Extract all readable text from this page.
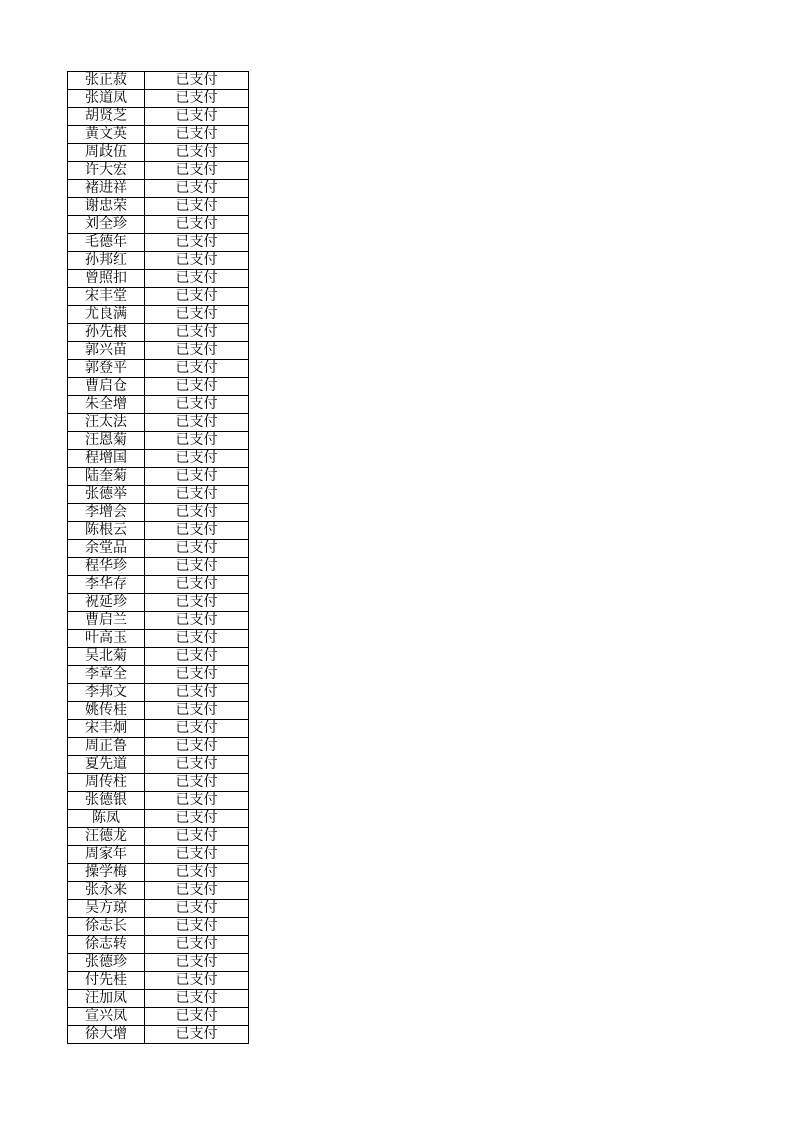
张正菽	已支付
张道凤	已支付
胡贤芝	已支付
黄文英	已支付
周歧伍	已支付
许大宏	已支付
褚进祥	已支付
谢忠荣	已支付
刘全珍	已支付
毛德年	已支付
孙邦红	已支付
曾照扣	已支付
宋丰堂	已支付
尤良满	已支付
孙先根	已支付
郭兴苗	已支付
郭登平	已支付
曹启仓	已支付
朱全增	已支付
汪太法	已支付
汪恩菊	已支付
程增国	已支付
陆奎菊	已支付
张德举	已支付
李增会	已支付
陈根云	已支付
余堂品	已支付
程华珍	已支付
李华存	已支付
祝延珍	已支付
曹启兰	已支付
叶高玉	已支付
吴北菊	已支付
李章全	已支付
李邦文	已支付
姚传桂	已支付
宋丰炯	已支付
周正鲁	已支付
夏先道	已支付
周传柱	已支付
张德银	已支付
陈凤	已支付
汪德龙	已支付
周家年	已支付
操学梅	已支付
张永来	已支付
吴方琼	已支付
徐志长	已支付
徐志转	已支付
张德珍	已支付
付先桂	已支付
汪加凤	已支付
宣兴凤	已支付
徐大增	已支付
